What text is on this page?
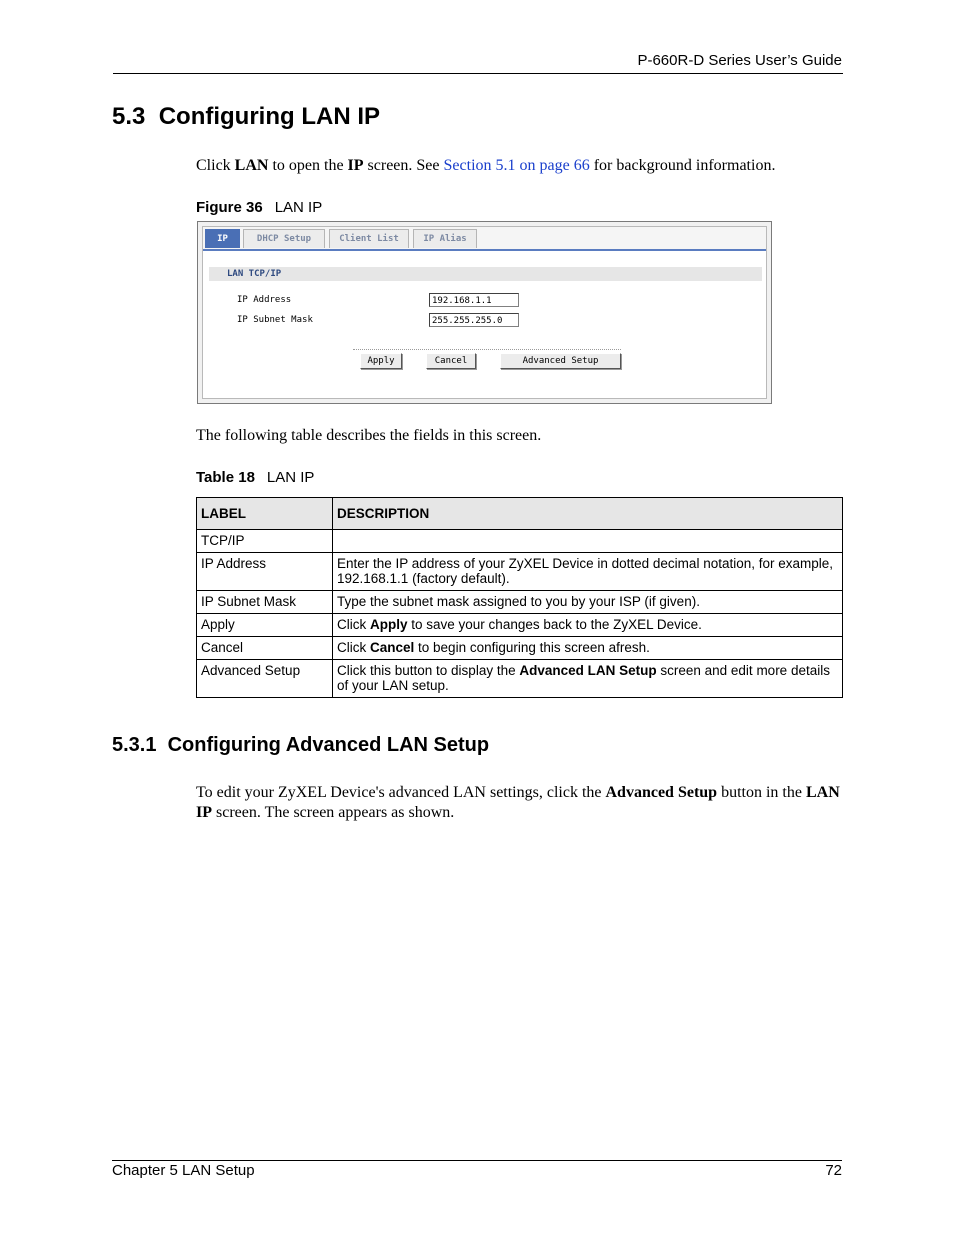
P-660R-D Series User’s Guide
5.3  Configuring LAN IP

Click LAN to open the IP screen. See Section 5.1 on page 66 for background information.

Figure 36 LAN IP

IP	DHCP Setup	Client List	IP Alias
LAN TCP/IP
IP Address	192.168.1.1
IP Subnet Mask	255.255.255.0
Apply	Cancel	Advanced Setup

The following table describes the fields in this screen.

Table 18 LAN IP

LABEL	DESCRIPTION
TCP/IP	
IP Address	Enter the IP address of your ZyXEL Device in dotted decimal notation, for example, 192.168.1.1 (factory default).
IP Subnet Mask	Type the subnet mask assigned to you by your ISP (if given).
Apply	Click Apply to save your changes back to the ZyXEL Device.
Cancel	Click Cancel to begin configuring this screen afresh.
Advanced Setup	Click this button to display the Advanced LAN Setup screen and edit more details of your LAN setup.
5.3.1  Configuring Advanced LAN Setup

To edit your ZyXEL Device's advanced LAN settings, click the Advanced Setup button in the LAN IP screen. The screen appears as shown.

Chapter 5 LAN Setup	72
